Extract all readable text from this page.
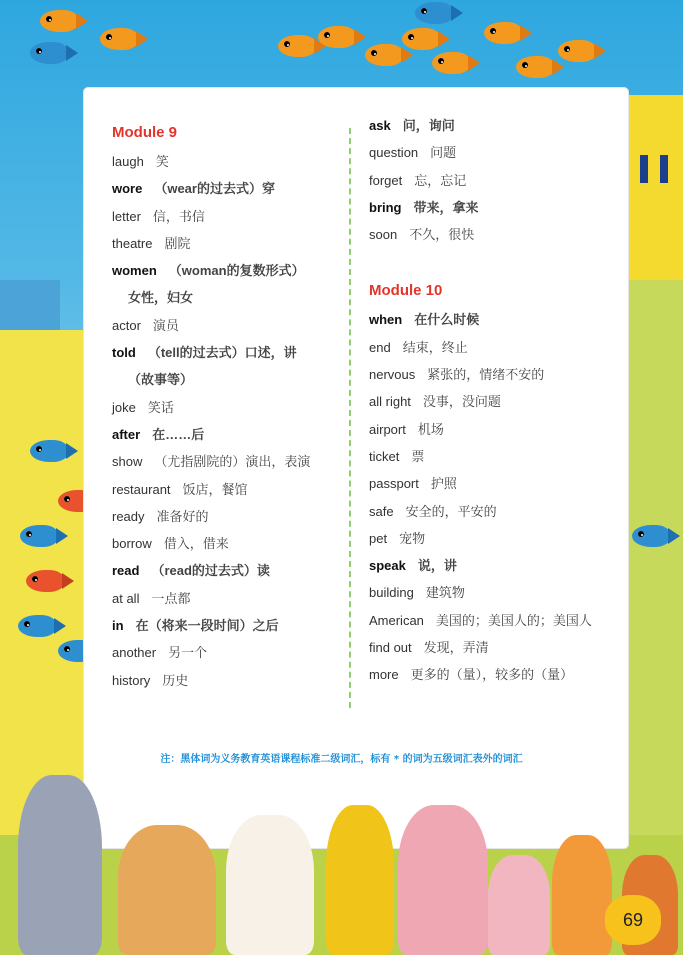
Module 9
laugh 笑
wore （wear的过去式）穿
letter 信，书信
theatre 剧院
women （woman的复数形式）
女性，妇女
actor 演员
told （tell的过去式）口述，讲
（故事等）
joke 笑话
after 在……后
show （尤指剧院的）演出，表演
restaurant 饭店，餐馆
ready 准备好的
borrow 借入，借来
read （read的过去式）读
at all 一点都
in 在（将来一段时间）之后
another 另一个
history 历史
ask 问，询问
question 问题
forget 忘，忘记
bring 带来，拿来
soon 不久，很快
Module 10
when 在什么时候
end 结束，终止
nervous 紧张的，情绪不安的
all right 没事，没问题
airport 机场
ticket 票
passport 护照
safe 安全的，平安的
pet 宠物
speak 说，讲
building 建筑物
American 美国的；美国人的；美国人
find out 发现，弄清
more 更多的（量），较多的（量）
注：黑体词为义务教育英语课程标准二级词汇，标有 * 的词为五级词汇表外的词汇
69
